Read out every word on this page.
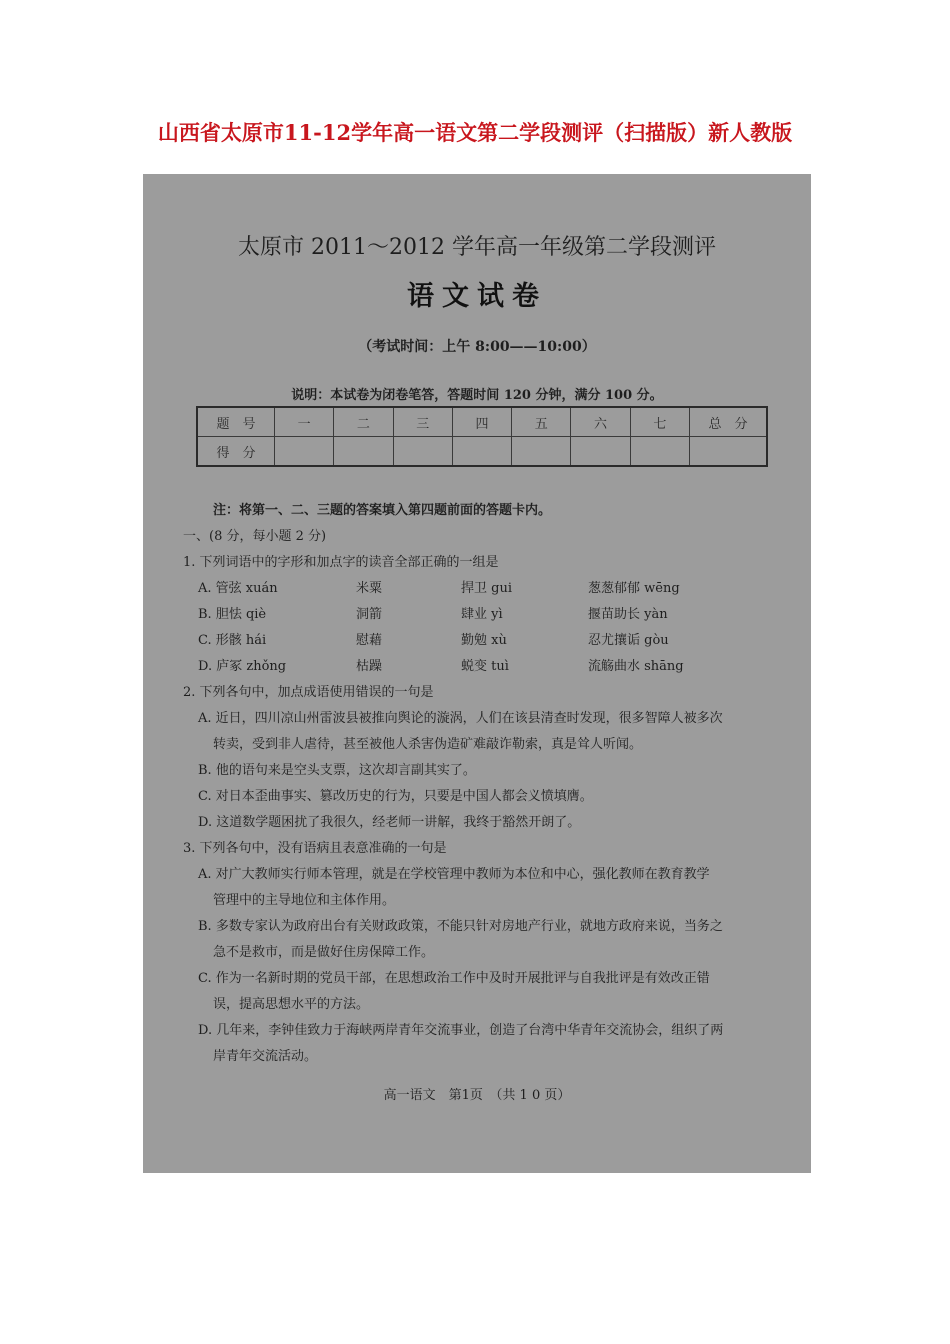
山西省太原市11-12学年高一语文第二学段测评（扫描版）新人教版
太原市 2011～2012 学年高一年级第二学段测评
语文试卷
（考试时间：上午 8:00——10:00）
说明：本试卷为闭卷笔答，答题时间 120 分钟，满分 100 分。
题　号	一	二	三	四	五	六	七	总　分
得　分								
注：将第一、二、三题的答案填入第四题前面的答题卡内。
一、(8 分，每小题 2 分)
1. 下列词语中的字形和加点字的读音全部正确的一组是
A. 管弦 xuán	米粟	捍卫 gui	葱葱郁郁 wēng
B. 胆怯 qiè	洞箭	肆业 yì	揠苗助长 yàn
C. 形骸 hái	慰藉	勤勉 xù	忍尤攘诟 gòu
D. 庐冢 zhǒng	枯躁	蜕变 tuì	流觞曲水 shāng
2. 下列各句中，加点成语使用错误的一句是
A. 近日，四川凉山州雷波县被推向舆论的漩涡，人们在该县清查时发现，很多智障人被多次
转卖，受到非人虐待，甚至被他人杀害伪造矿难敲诈勒索，真是耸人听闻。
B. 他的语句来是空头支票，这次却言副其实了。
C. 对日本歪曲事实、篡改历史的行为，只要是中国人都会义愤填膺。
D. 这道数学题困扰了我很久，经老师一讲解，我终于豁然开朗了。
3. 下列各句中，没有语病且表意准确的一句是
A. 对广大教师实行师本管理，就是在学校管理中教师为本位和中心，强化教师在教育教学
管理中的主导地位和主体作用。
B. 多数专家认为政府出台有关财政政策，不能只针对房地产行业，就地方政府来说，当务之
急不是救市，而是做好住房保障工作。
C. 作为一名新时期的党员干部，在思想政治工作中及时开展批评与自我批评是有效改正错
误，提高思想水平的方法。
D. 几年来，李钟佳致力于海峡两岸青年交流事业，创造了台湾中华青年交流协会，组织了两
岸青年交流活动。
高一语文　第1页　（共 1 0 页）
